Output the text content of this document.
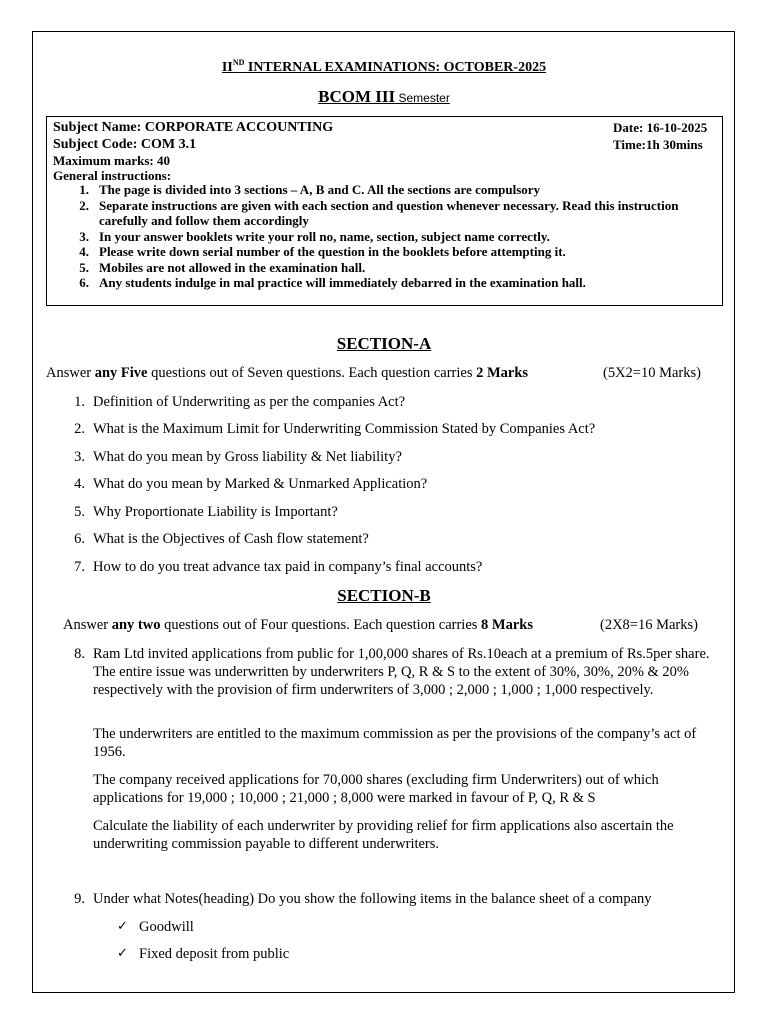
IIND INTERNAL EXAMINATIONS: OCTOBER-2025
BCOM III Semester
Subject Name: CORPORATE ACCOUNTING	Date: 16-10-2025
Subject Code: COM 3.1	Time:1h 30mins
Maximum marks: 40
General instructions:
1. The page is divided into 3 sections – A, B and C. All the sections are compulsory
2. Separate instructions are given with each section and question whenever necessary. Read this instruction carefully and follow them accordingly
3. In your answer booklets write your roll no, name, section, subject name correctly.
4. Please write down serial number of the question in the booklets before attempting it.
5. Mobiles are not allowed in the examination hall.
6. Any students indulge in mal practice will immediately debarred in the examination hall.
SECTION-A
Answer any Five questions out of Seven questions. Each question carries 2 Marks	(5X2=10 Marks)
1. Definition of Underwriting as per the companies Act?
2. What is the Maximum Limit for Underwriting Commission Stated by Companies Act?
3. What do you mean by Gross liability & Net liability?
4. What do you mean by Marked & Unmarked Application?
5. Why Proportionate Liability is Important?
6. What is the Objectives of Cash flow statement?
7. How to do you treat advance tax paid in company’s final accounts?
SECTION-B
Answer any two questions out of Four questions. Each question carries 8 Marks	(2X8=16 Marks)
8. Ram Ltd invited applications from public for 1,00,000 shares of Rs.10each at a premium of Rs.5per share. The entire issue was underwritten by underwriters P, Q, R & S to the extent of 30%, 30%, 20% & 20% respectively with the provision of firm underwriters of 3,000 ; 2,000 ; 1,000 ; 1,000 respectively.
The underwriters are entitled to the maximum commission as per the provisions of the company’s act of 1956.
The company received applications for 70,000 shares (excluding firm Underwriters) out of which applications for 19,000 ; 10,000 ; 21,000 ; 8,000 were marked in favour of P, Q, R & S
Calculate the liability of each underwriter by providing relief for firm applications also ascertain the underwriting commission payable to different underwriters.
9. Under what Notes(heading) Do you show the following items in the balance sheet of a company
✓ Goodwill
✓ Fixed deposit from public
